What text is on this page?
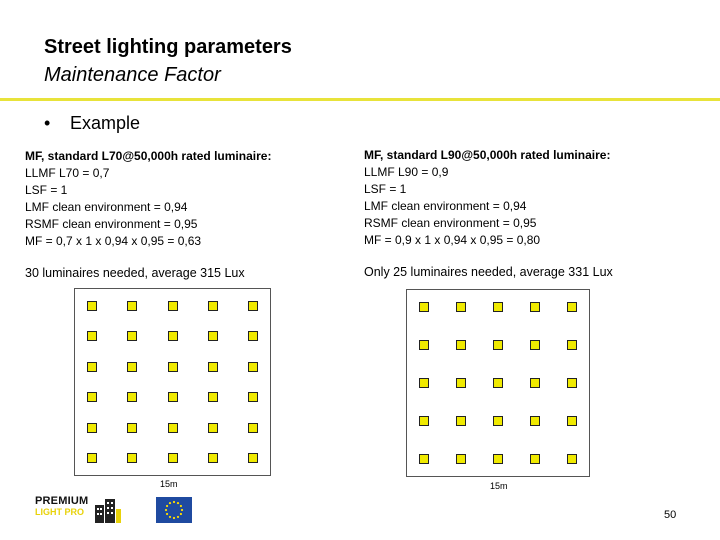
Street lighting parameters
Maintenance Factor
• Example
MF, standard L70@50,000h rated luminaire:
LLMF L70 = 0,7
LSF = 1
LMF clean environment = 0,94
RSMF clean environment = 0,95
MF = 0,7 x 1 x 0,94 x 0,95 = 0,63
MF, standard L90@50,000h rated luminaire:
LLMF L90 = 0,9
LSF = 1
LMF clean environment = 0,94
RSMF clean environment = 0,95
MF = 0,9 x 1 x 0,94 x 0,95 = 0,80
30 luminaires needed, average 315 Lux	Only 25 luminaires needed, average 331 Lux
15m	15m
PREMIUM
LIGHT PRO	50
